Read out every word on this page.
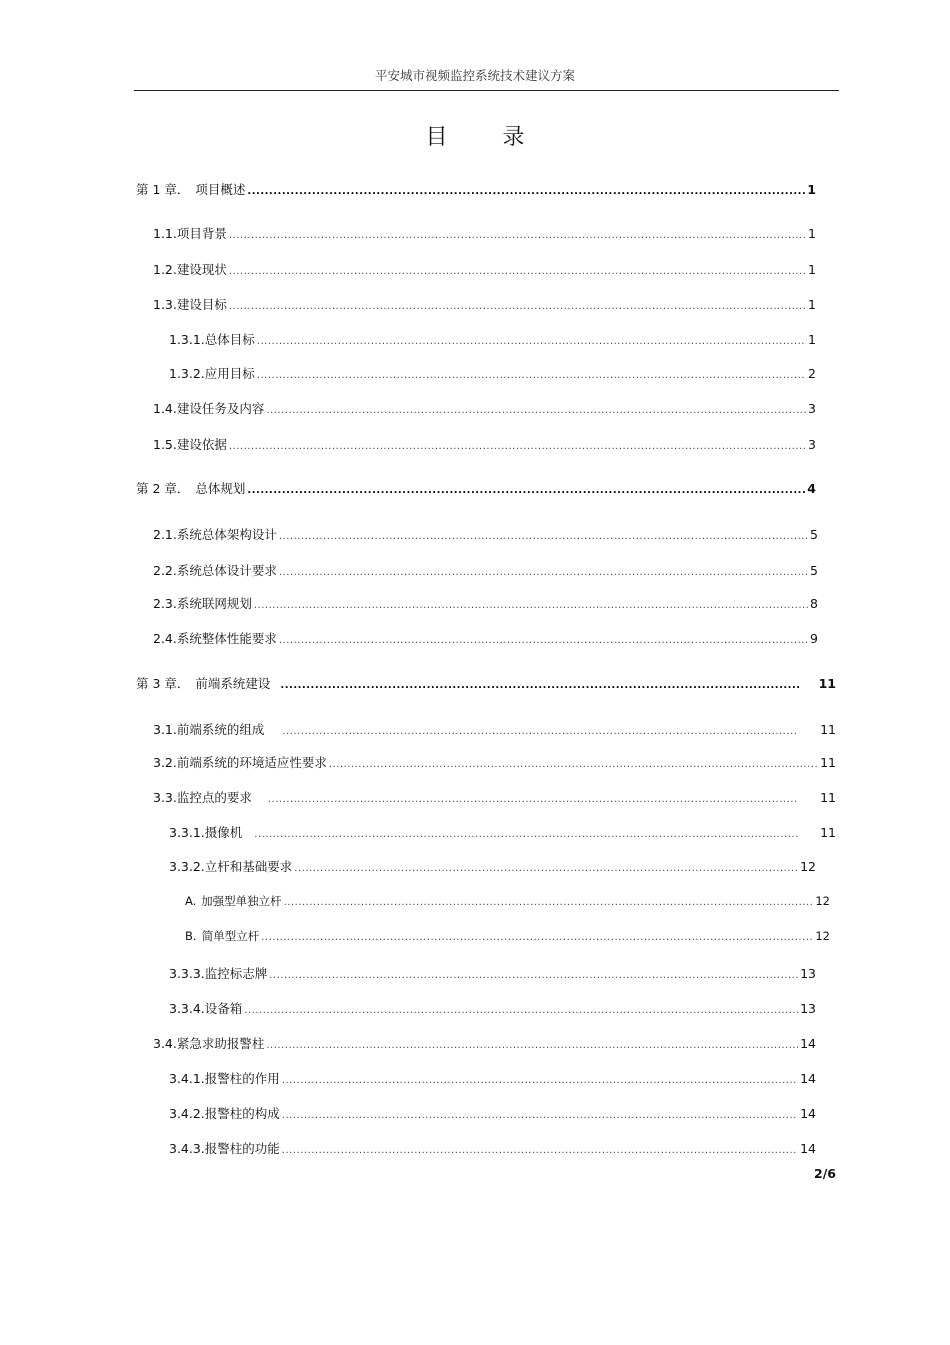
平安城市视频监控系统技术建议方案
目 录
第 1 章． 项目概述 .....	1
1.1. 项目背景 .....	1
1.2. 建设现状 .....	1
1.3. 建设目标 .....	1
1.3.1. 总体目标 .....	1
1.3.2. 应用目标 .....	2
1.4. 建设任务及内容 .....	3
1.5. 建设依据 .....	3
第 2 章． 总体规划 .....	4
2.1. 系统总体架构设计 .....	5
2.2. 系统总体设计要求 .....	5
2.3. 系统联网规划 .....	8
2.4. 系统整体性能要求 .....	9
第 3 章． 前端系统建设 .....	11
3.1. 前端系统的组成 .....	11
3.2. 前端系统的环境适应性要求 .....	11
3.3. 监控点的要求 .....	11
3.3.1. 摄像机 .....	11
3.3.2. 立杆和基础要求 .....	12
A. 加强型单独立杆 .....	12
B. 简单型立杆 .....	12
3.3.3. 监控标志牌 .....	13
3.3.4. 设备箱 .....	13
3.4. 紧急求助报警柱 .....	14
3.4.1. 报警柱的作用 .....	14
3.4.2. 报警柱的构成 .....	14
3.4.3. 报警柱的功能 .....	14
2/6
